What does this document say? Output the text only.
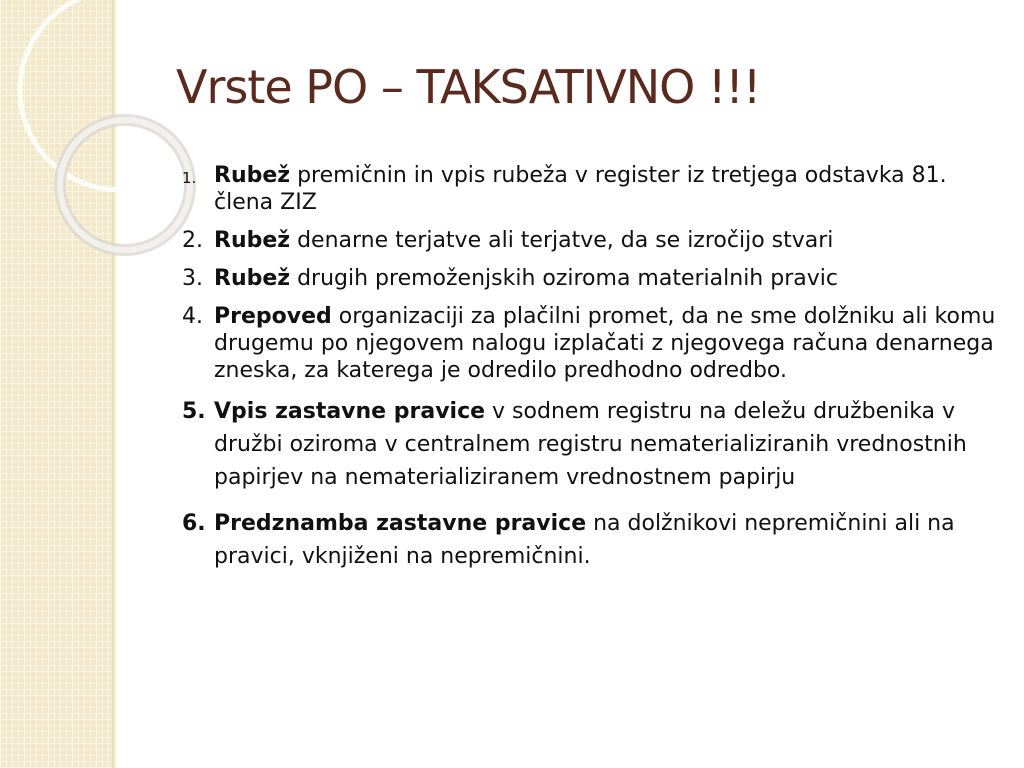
Vrste PO – TAKSATIVNO !!!
1. Rubež premičnin in vpis rubeža v register iz tretjega odstavka 81. člena ZIZ
2. Rubež denarne terjatve ali terjatve, da se izročijo stvari
3. Rubež drugih premoženjskih oziroma materialnih pravic
4. Prepoved organizaciji za plačilni promet, da ne sme dolžniku ali komu drugemu po njegovem nalogu izplačati z njegovega računa denarnega zneska, za katerega je odredilo predhodno odredbo.
5. Vpis zastavne pravice v sodnem registru na deležu družbenika v družbi oziroma v centralnem registru nematerializiranih vrednostnih papirjev na nematerializiranem vrednostnem papirju
6. Predznamba zastavne pravice na dolžnikovi nepremičnini ali na pravici, vknjiženi na nepremičnini.
